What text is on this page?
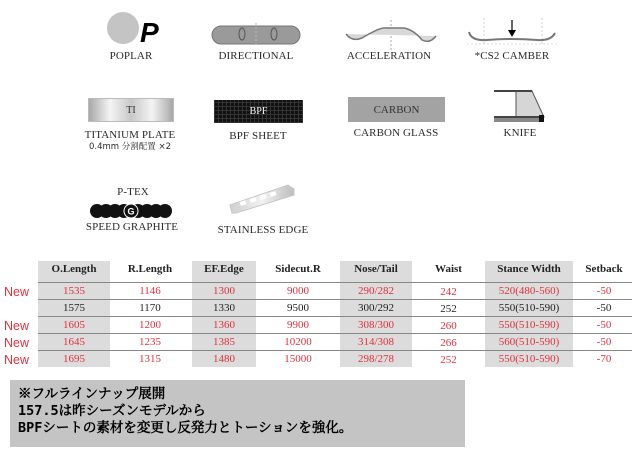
P
POPLAR	DIRECTIONAL	ACCELERATION	*CS2 CAMBER
TI
TITANIUM PLATE
0.4mm 分割配置 ×2
BPF
BPF SHEET
CARBON
CARBON GLASS	KNIFE
P-TEX
G
SPEED GRAPHITE	STAINLESS EDGE
O.Length	R.Length	EF.Edge	Sidecut.R	Nose/Tail	Waist	Stance Width	Setback
New	1535	1146	1300	9000	290/282	242	520(480-560)	-50
1575	1170	1330	9500	300/292	252	550(510-590)	-50
New	1605	1200	1360	9900	308/300	260	550(510-590)	-50
New	1645	1235	1385	10200	314/308	266	560(510-590)	-50
New	1695	1315	1480	15000	298/278	252	550(510-590)	-70
※フルラインナップ展開
157.5は昨シーズンモデルから
BPFシートの素材を変更し反発力とトーションを強化。
